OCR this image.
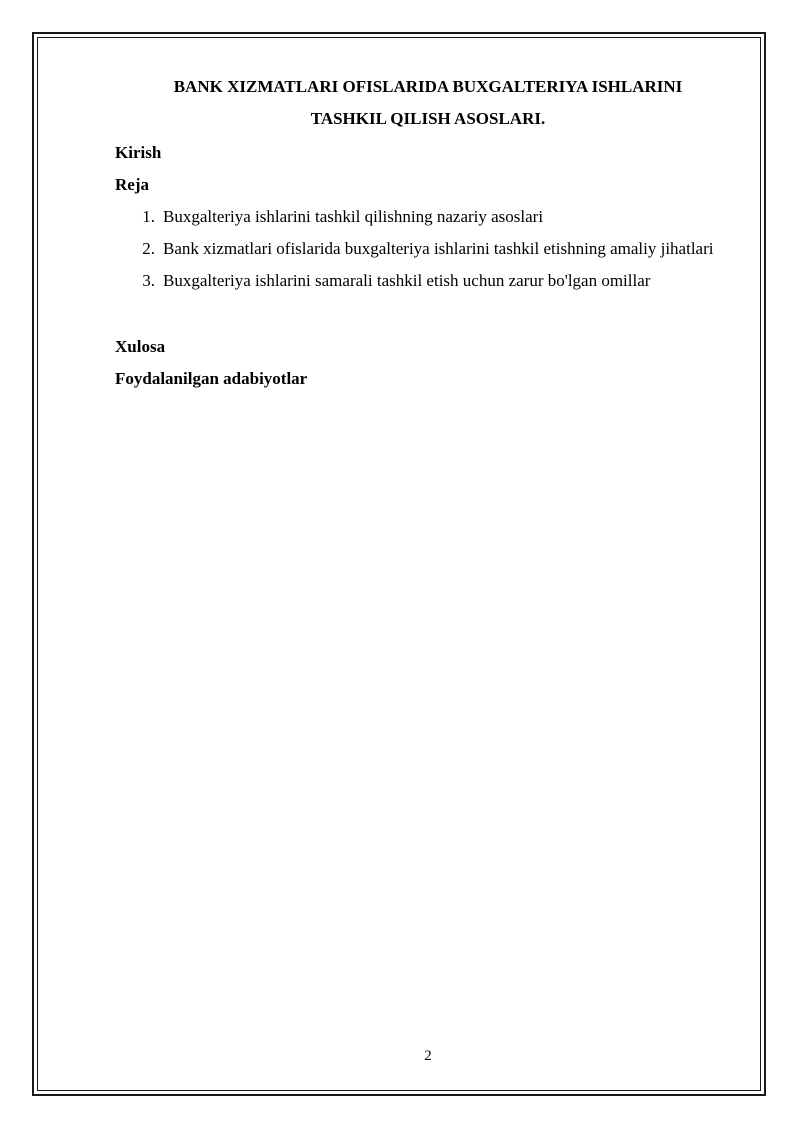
BANK XIZMATLARI OFISLARIDA BUXGALTERIYA ISHLARINI
TASHKIL QILISH ASOSLARI.

Kirish

Reja

1. Buxgalteriya ishlarini tashkil qilishning nazariy asoslari
2. Bank xizmatlari ofislarida buxgalteriya ishlarini tashkil etishning amaliy jihatlari
3. Buxgalteriya ishlarini samarali tashkil etish uchun zarur bo'lgan omillar

Xulosa

Foydalanilgan adabiyotlar

2
